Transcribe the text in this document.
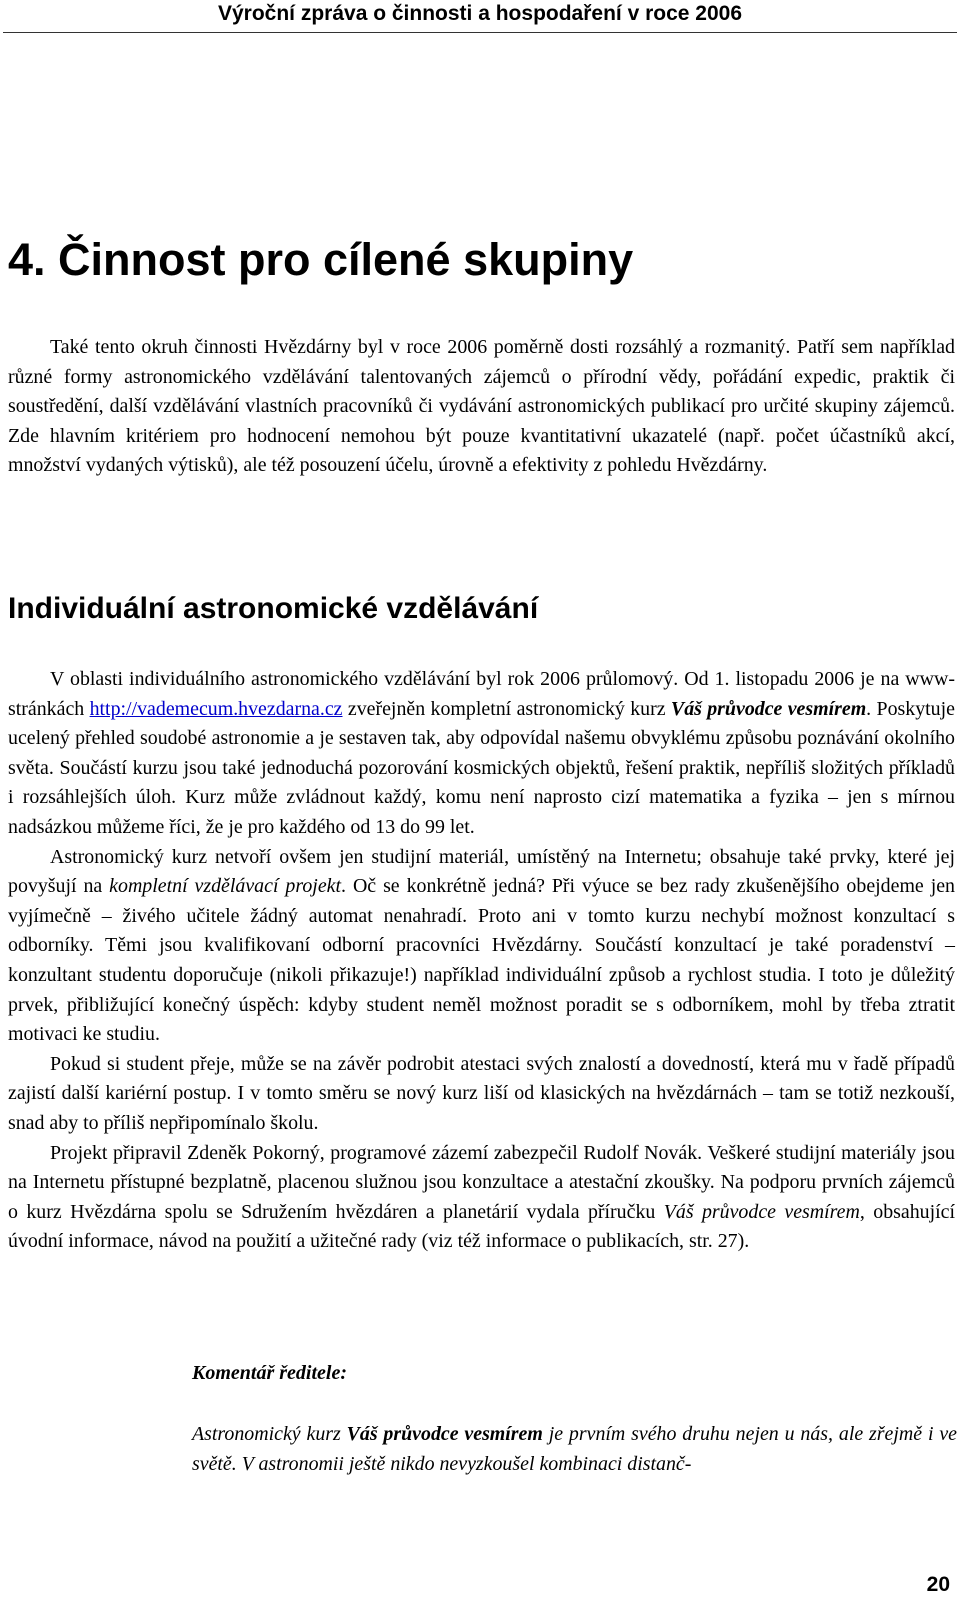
Výroční zpráva o činnosti a hospodaření v roce 2006
4. Činnost pro cílené skupiny

Také tento okruh činnosti Hvězdárny byl v roce 2006 poměrně dosti rozsáhlý a rozmanitý. Patří sem například různé formy astronomického vzdělávání talentovaných zájemců o přírodní vědy, pořádání expedic, praktik či soustředění, další vzdělávání vlastních pracovníků či vydávání astronomických publikací pro určité skupiny zájemců. Zde hlavním kritériem pro hodnocení nemohou být pouze kvantitativní ukazatelé (např. počet účastníků akcí, množství vydaných výtisků), ale též posouzení účelu, úrovně a efektivity z pohledu Hvězdárny.

Individuální astronomické vzdělávání

V oblasti individuálního astronomického vzdělávání byl rok 2006 průlomový. Od 1. listopadu 2006 je na www-stránkách http://vademecum.hvezdarna.cz zveřejněn kompletní astronomický kurz Váš průvodce vesmírem. Poskytuje ucelený přehled soudobé astronomie a je sestaven tak, aby odpovídal našemu obvyklému způsobu poznávání okolního světa. Součástí kurzu jsou také jednoduchá pozorování kosmických objektů, řešení praktik, nepříliš složitých příkladů i rozsáhlejších úloh. Kurz může zvládnout každý, komu není naprosto cizí matematika a fyzika – jen s mírnou nadsázkou můžeme říci, že je pro každého od 13 do 99 let.

Astronomický kurz netvoří ovšem jen studijní materiál, umístěný na Internetu; obsahuje také prvky, které jej povyšují na kompletní vzdělávací projekt. Oč se konkrétně jedná? Při výuce se bez rady zkušenějšího obejdeme jen vyjímečně – živého učitele žádný automat nenahradí. Proto ani v tomto kurzu nechybí možnost konzultací s odborníky. Těmi jsou kvalifikovaní odborní pracovníci Hvězdárny. Součástí konzultací je také poradenství – konzultant studentu doporučuje (nikoli přikazuje!) například individuální způsob a rychlost studia. I toto je důležitý prvek, přibližující konečný úspěch: kdyby student neměl možnost poradit se s odborníkem, mohl by třeba ztratit motivaci ke studiu.

Pokud si student přeje, může se na závěr podrobit atestaci svých znalostí a dovedností, která mu v řadě případů zajistí další kariérní postup. I v tomto směru se nový kurz liší od klasických na hvězdárnách – tam se totiž nezkouší, snad aby to příliš nepřipomínalo školu.

Projekt připravil Zdeněk Pokorný, programové zázemí zabezpečil Rudolf Novák. Veškeré studijní materiály jsou na Internetu přístupné bezplatně, placenou služnou jsou konzultace a atestační zkoušky. Na podporu prvních zájemců o kurz Hvězdárna spolu se Sdružením hvězdáren a planetárií vydala příručku Váš průvodce vesmírem, obsahující úvodní informace, návod na použití a užitečné rady (viz též informace o publikacích, str. 27).

Komentář ředitele:

Astronomický kurz Váš průvodce vesmírem je prvním svého druhu nejen u nás, ale zřejmě i ve světě. V astronomii ještě nikdo nevyzkoušel kombinaci distanč-

20
